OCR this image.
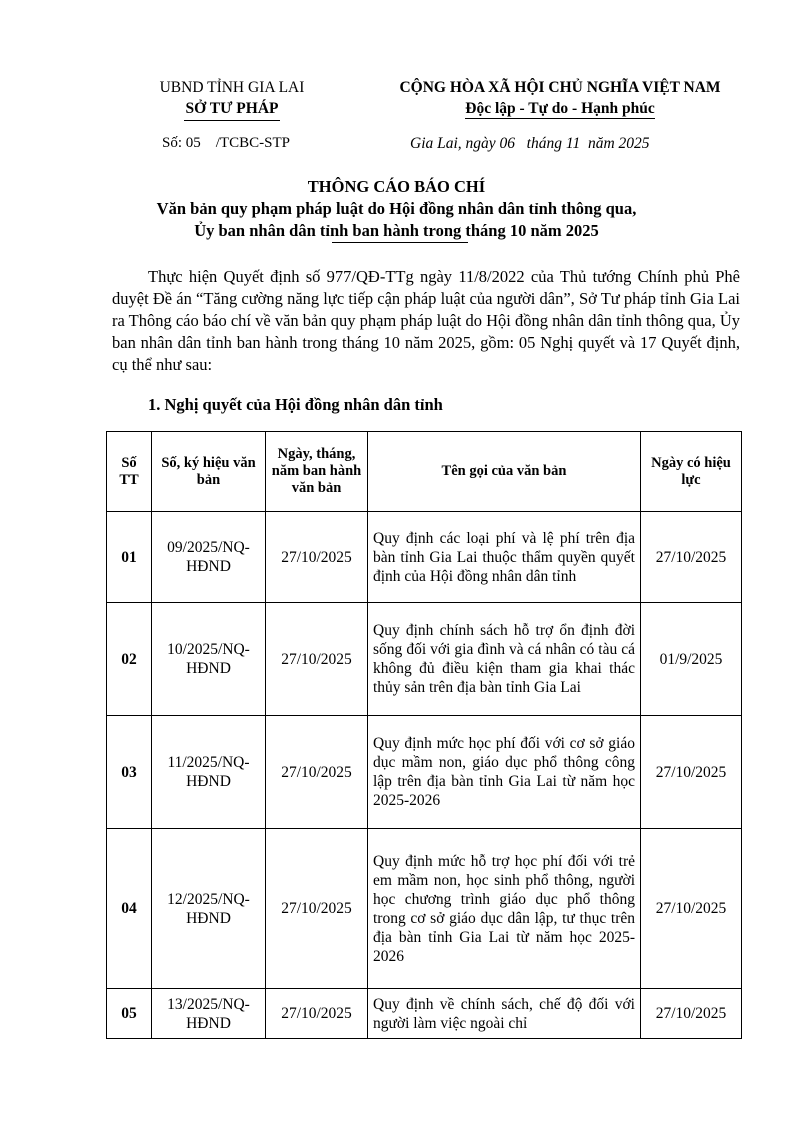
UBND TỈNH GIA LAI
SỞ TƯ PHÁP
CỘNG HÒA XÃ HỘI CHỦ NGHĨA VIỆT NAM
Độc lập - Tự do - Hạnh phúc
Số: 05    /TCBC-STP	Gia Lai, ngày 06   tháng 11  năm 2025
THÔNG CÁO BÁO CHÍ
Văn bản quy phạm pháp luật do Hội đồng nhân dân tỉnh thông qua,
Ủy ban nhân dân tỉnh ban hành trong tháng 10 năm 2025

Thực hiện Quyết định số 977/QĐ-TTg ngày 11/8/2022 của Thủ tướng Chính phủ Phê duyệt Đề án “Tăng cường năng lực tiếp cận pháp luật của người dân”, Sở Tư pháp tỉnh Gia Lai ra Thông cáo báo chí về văn bản quy phạm pháp luật do Hội đồng nhân dân tỉnh thông qua, Ủy ban nhân dân tỉnh ban hành trong tháng 10 năm 2025, gồm: 05 Nghị quyết và 17 Quyết định, cụ thể như sau:

1. Nghị quyết của Hội đồng nhân dân tỉnh

Số TT	Số, ký hiệu văn bản	Ngày, tháng, năm ban hành văn bản	Tên gọi của văn bản	Ngày có hiệu lực
01	09/2025/NQ-HĐND	27/10/2025	Quy định các loại phí và lệ phí trên địa bàn tỉnh Gia Lai thuộc thẩm quyền quyết định của Hội đồng nhân dân tỉnh	27/10/2025
02	10/2025/NQ-HĐND	27/10/2025	Quy định chính sách hỗ trợ ổn định đời sống đối với gia đình và cá nhân có tàu cá không đủ điều kiện tham gia khai thác thủy sản trên địa bàn tỉnh Gia Lai	01/9/2025
03	11/2025/NQ-HĐND	27/10/2025	Quy định mức học phí đối với cơ sở giáo dục mầm non, giáo dục phổ thông công lập trên địa bàn tỉnh Gia Lai từ năm học 2025-2026	27/10/2025
04	12/2025/NQ-HĐND	27/10/2025	Quy định mức hỗ trợ học phí đối với trẻ em mầm non, học sinh phổ thông, người học chương trình giáo dục phổ thông trong cơ sở giáo dục dân lập, tư thục trên địa bàn tỉnh Gia Lai từ năm học 2025-2026	27/10/2025
05	13/2025/NQ-HĐND	27/10/2025	Quy định về chính sách, chế độ đối với người làm việc ngoài chỉ	27/10/2025
